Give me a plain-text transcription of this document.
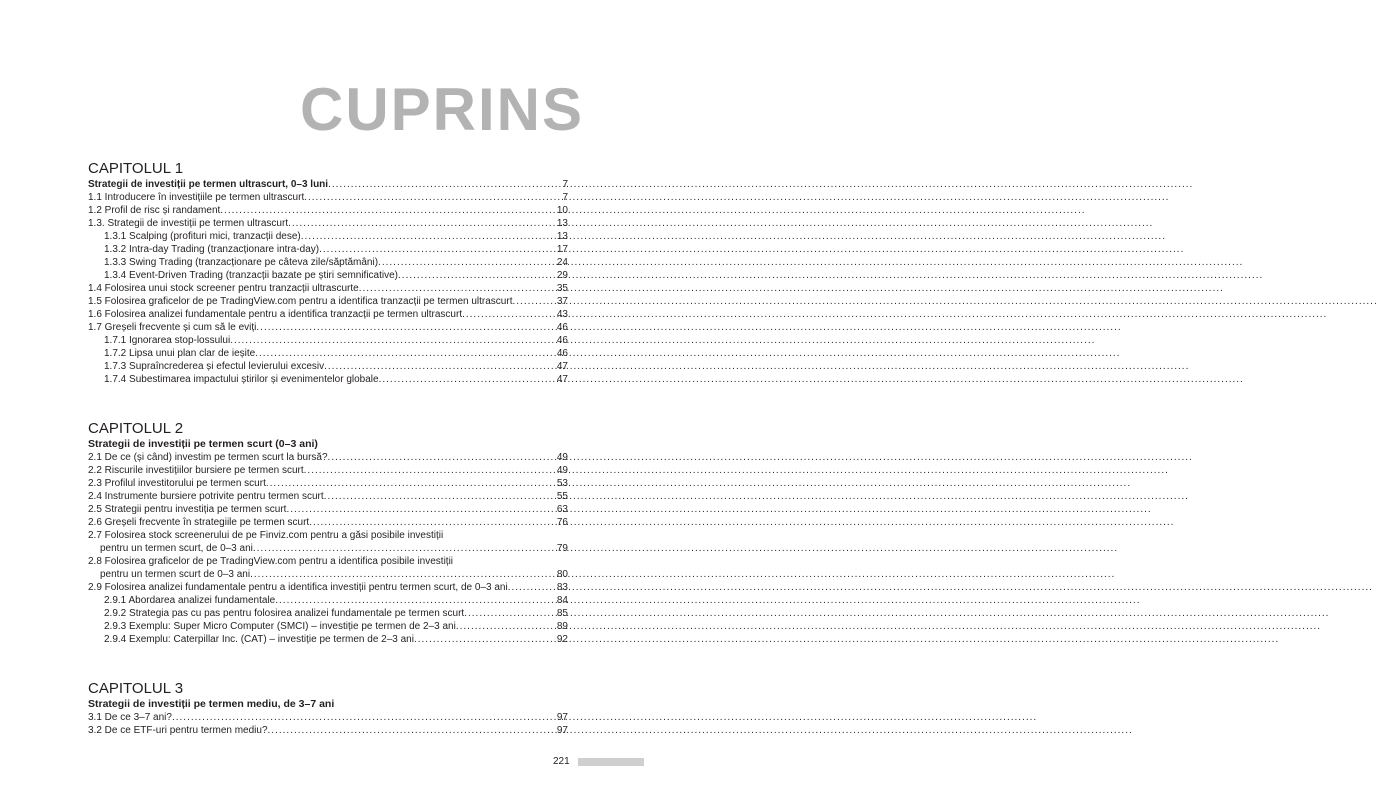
CUPRINS
CAPITOLUL 1
Strategii de investiții pe termen ultrascurt, 0–3 luni .....	7
1.1 Introducere în investițiile pe termen ultrascurt .....	7
1.2 Profil de risc și randament .....	10
1.3. Strategii de investiții pe termen ultrascurt .....	13
1.3.1 Scalping (profituri mici, tranzacții dese) .....	13
1.3.2 Intra-day Trading (tranzacționare intra-day) .....	17
1.3.3 Swing Trading (tranzacționare pe câteva zile/săptămâni) .....	24
1.3.4 Event-Driven Trading (tranzacții bazate pe știri semnificative) .....	29
1.4 Folosirea unui stock screener pentru tranzacții ultrascurte .....	35
1.5 Folosirea graficelor de pe TradingView.com pentru a identifica tranzacții pe termen ultrascurt .....	37
1.6 Folosirea analizei fundamentale pentru a identifica tranzacții pe termen ultrascurt .....	43
1.7 Greșeli frecvente și cum să le eviți .....	46
1.7.1 Ignorarea stop-lossului .....	46
1.7.2 Lipsa unui plan clar de ieșite .....	46
1.7.3 Supraîncrederea și efectul levierului excesiv .....	47
1.7.4 Subestimarea impactului știrilor și evenimentelor globale .....	47
CAPITOLUL 2
Strategii de investiții pe termen scurt (0–3 ani)
2.1 De ce (și când) investim pe termen scurt la bursă? .....	49
2.2 Riscurile investițiilor bursiere pe termen scurt .....	49
2.3 Profilul investitorului pe termen scurt .....	53
2.4 Instrumente bursiere potrivite pentru termen scurt .....	55
2.5 Strategii pentru investiția pe termen scurt .....	63
2.6 Greșeli frecvente în strategiile pe termen scurt .....	76
2.7 Folosirea stock screenerului de pe Finviz.com pentru a găsi posibile investiții
pentru un termen scurt, de 0–3 ani .....	79
2.8 Folosirea graficelor de pe TradingView.com pentru a identifica posibile investiții
pentru un termen scurt de 0–3 ani .....	80
2.9 Folosirea analizei fundamentale pentru a identifica investiții pentru termen scurt, de 0–3 ani .....	83
2.9.1 Abordarea analizei fundamentale .....	84
2.9.2 Strategia pas cu pas pentru folosirea analizei fundamentale pe termen scurt .....	85
2.9.3 Exemplu: Super Micro Computer (SMCI) – investiție pe termen de 2–3 ani .....	89
2.9.4 Exemplu: Caterpillar Inc. (CAT) – investiție pe termen de 2–3 ani .....	92
CAPITOLUL 3
Strategii de investiții pe termen mediu, de 3–7 ani
3.1 De ce 3–7 ani? .....	97
3.2 De ce ETF-uri pentru termen mediu? .....	97
221
